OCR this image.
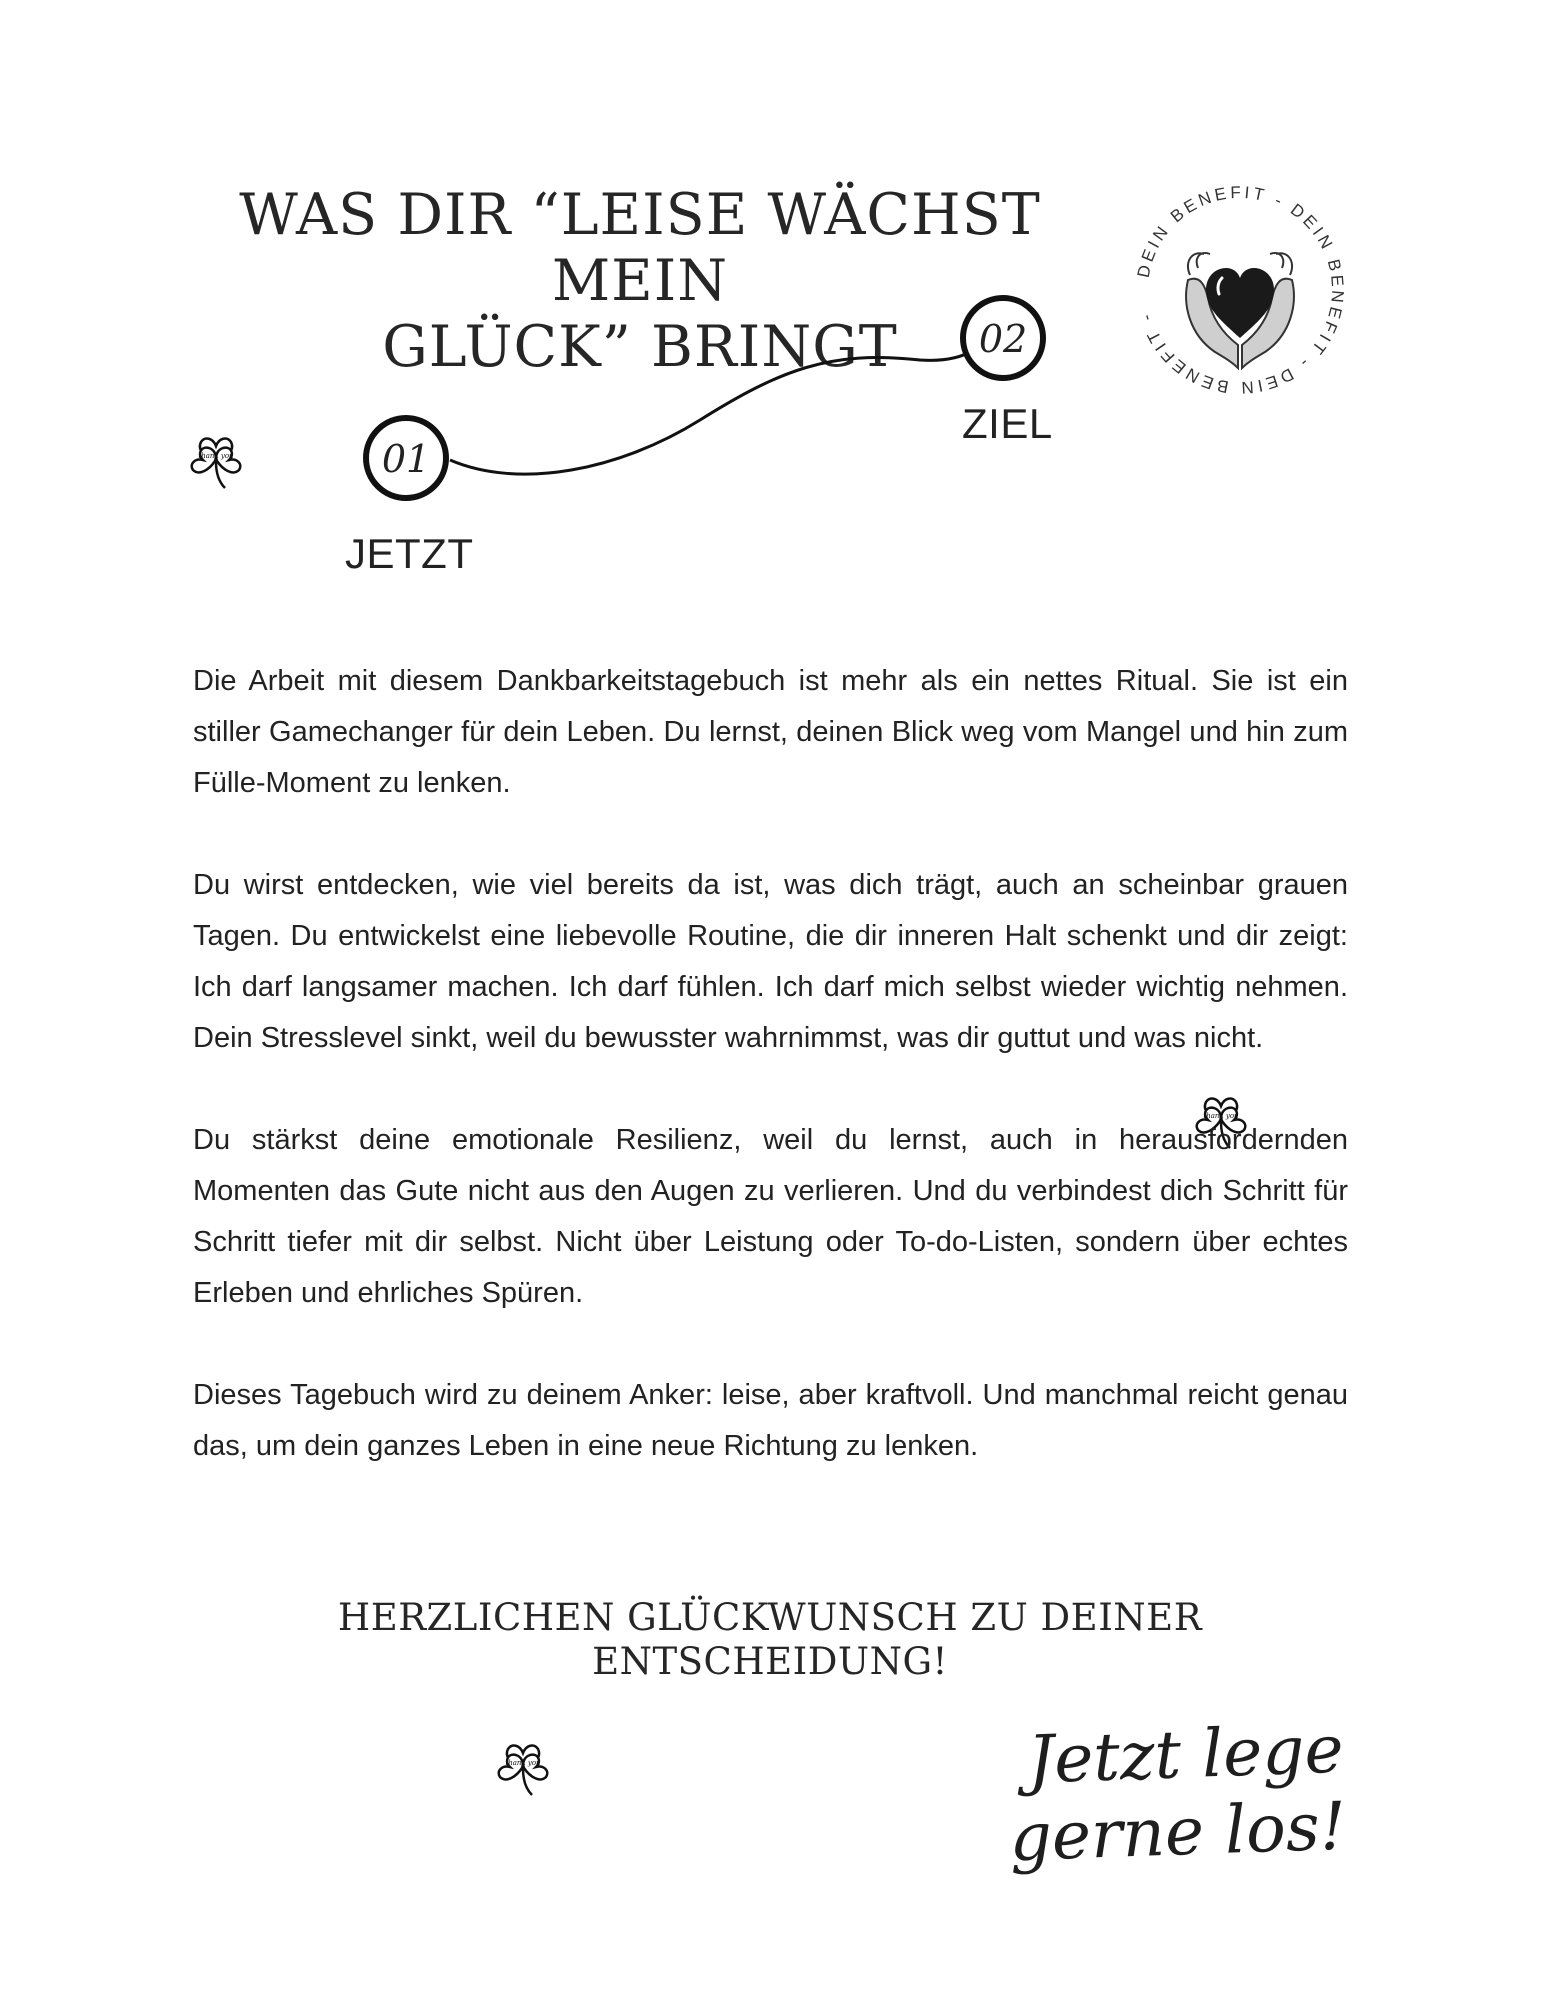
WAS DIR “LEISE WÄCHST MEIN
GLÜCK” BRINGT
DEIN BENEFIT - DEIN BENEFIT - DEIN BENEFIT -
01
02
JETZT
ZIEL
thank you
thank you
thank you

Die Arbeit mit diesem Dankbarkeitstagebuch ist mehr als ein nettes Ritual. Sie ist ein stiller Gamechanger für dein Leben. Du lernst, deinen Blick weg vom Mangel und hin zum Fülle-Moment zu lenken.

Du wirst entdecken, wie viel bereits da ist, was dich trägt, auch an scheinbar grauen Tagen. Du entwickelst eine liebevolle Routine, die dir inneren Halt schenkt und dir zeigt: Ich darf langsamer machen. Ich darf fühlen. Ich darf mich selbst wieder wichtig nehmen. Dein Stresslevel sinkt, weil du bewusster wahrnimmst, was dir guttut und was nicht.

Du stärkst deine emotionale Resilienz, weil du lernst, auch in herausfordernden Momenten das Gute nicht aus den Augen zu verlieren. Und du verbindest dich Schritt für Schritt tiefer mit dir selbst. Nicht über Leistung oder To-do-Listen, sondern über echtes Erleben und ehrliches Spüren.

Dieses Tagebuch wird zu deinem Anker: leise, aber kraftvoll. Und manchmal reicht genau das, um dein ganzes Leben in eine neue Richtung zu lenken.

HERZLICHEN GLÜCKWUNSCH ZU DEINER
ENTSCHEIDUNG!
Jetzt lege gerne los!
